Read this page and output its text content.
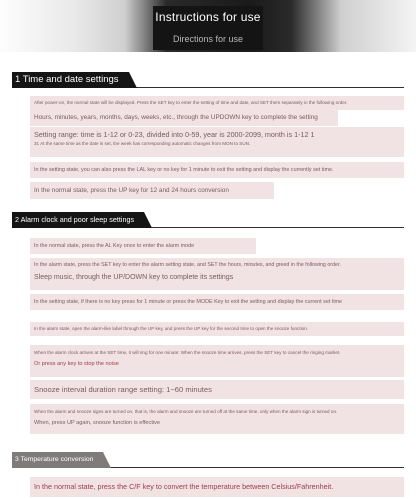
Instructions for use
Directions for use
1 Time and date settings
After power-on, the normal state will be displayed. Press the SET key to enter the setting of time and date, and SET them separately in the following order.
Hours, minutes, years, months, days, weeks, etc., through the UPDOWN key to complete the setting
Setting range: time is 1-12 or 0-23, divided into 0-59, year is 2000-2099, month is 1-12 1
31 At the same time as the date is set, the week has corresponding automatic changes from MON to SUN.
In the setting state, you can also press the LAL key or no key for 1 minute to exit the setting and display the currently set time.
In the normal state, press the UP key for 12 and 24 hours conversion
2 Alarm clock and poor sleep settings
In the normal state, press the AL Key once to enter the alarm mode
In the alarm state, press the SET key to enter the alarm setting state, and SET the hours, minutes, and greed in the following order.
Sleep music, through the UP/DOWN key to complete its settings
In the setting state, if there is no key press for 1 minute or press the MODE Key to exit the setting and display the current set time
In the alarm state, open the alarm-like label through the UP key, and press the UP key for the second time to open the snooze function.
When the alarm clock arrives at the SET time, it will ring for one minute: When the snooze time arrives, press the SET key to cancel the ringing market.
Or press any key to stop the noise
Snooze interval duration range setting: 1~60 minutes
When the alarm and snooze signs are turned on, that is, the alarm and snooze are turned off at the same time, only when the alarm sign is turned on.
When, press UP again, snooze function is effective
3 Temperature conversion
In the normal state, press the C/F key to convert the temperature between Celsius/Fahrenheit.
